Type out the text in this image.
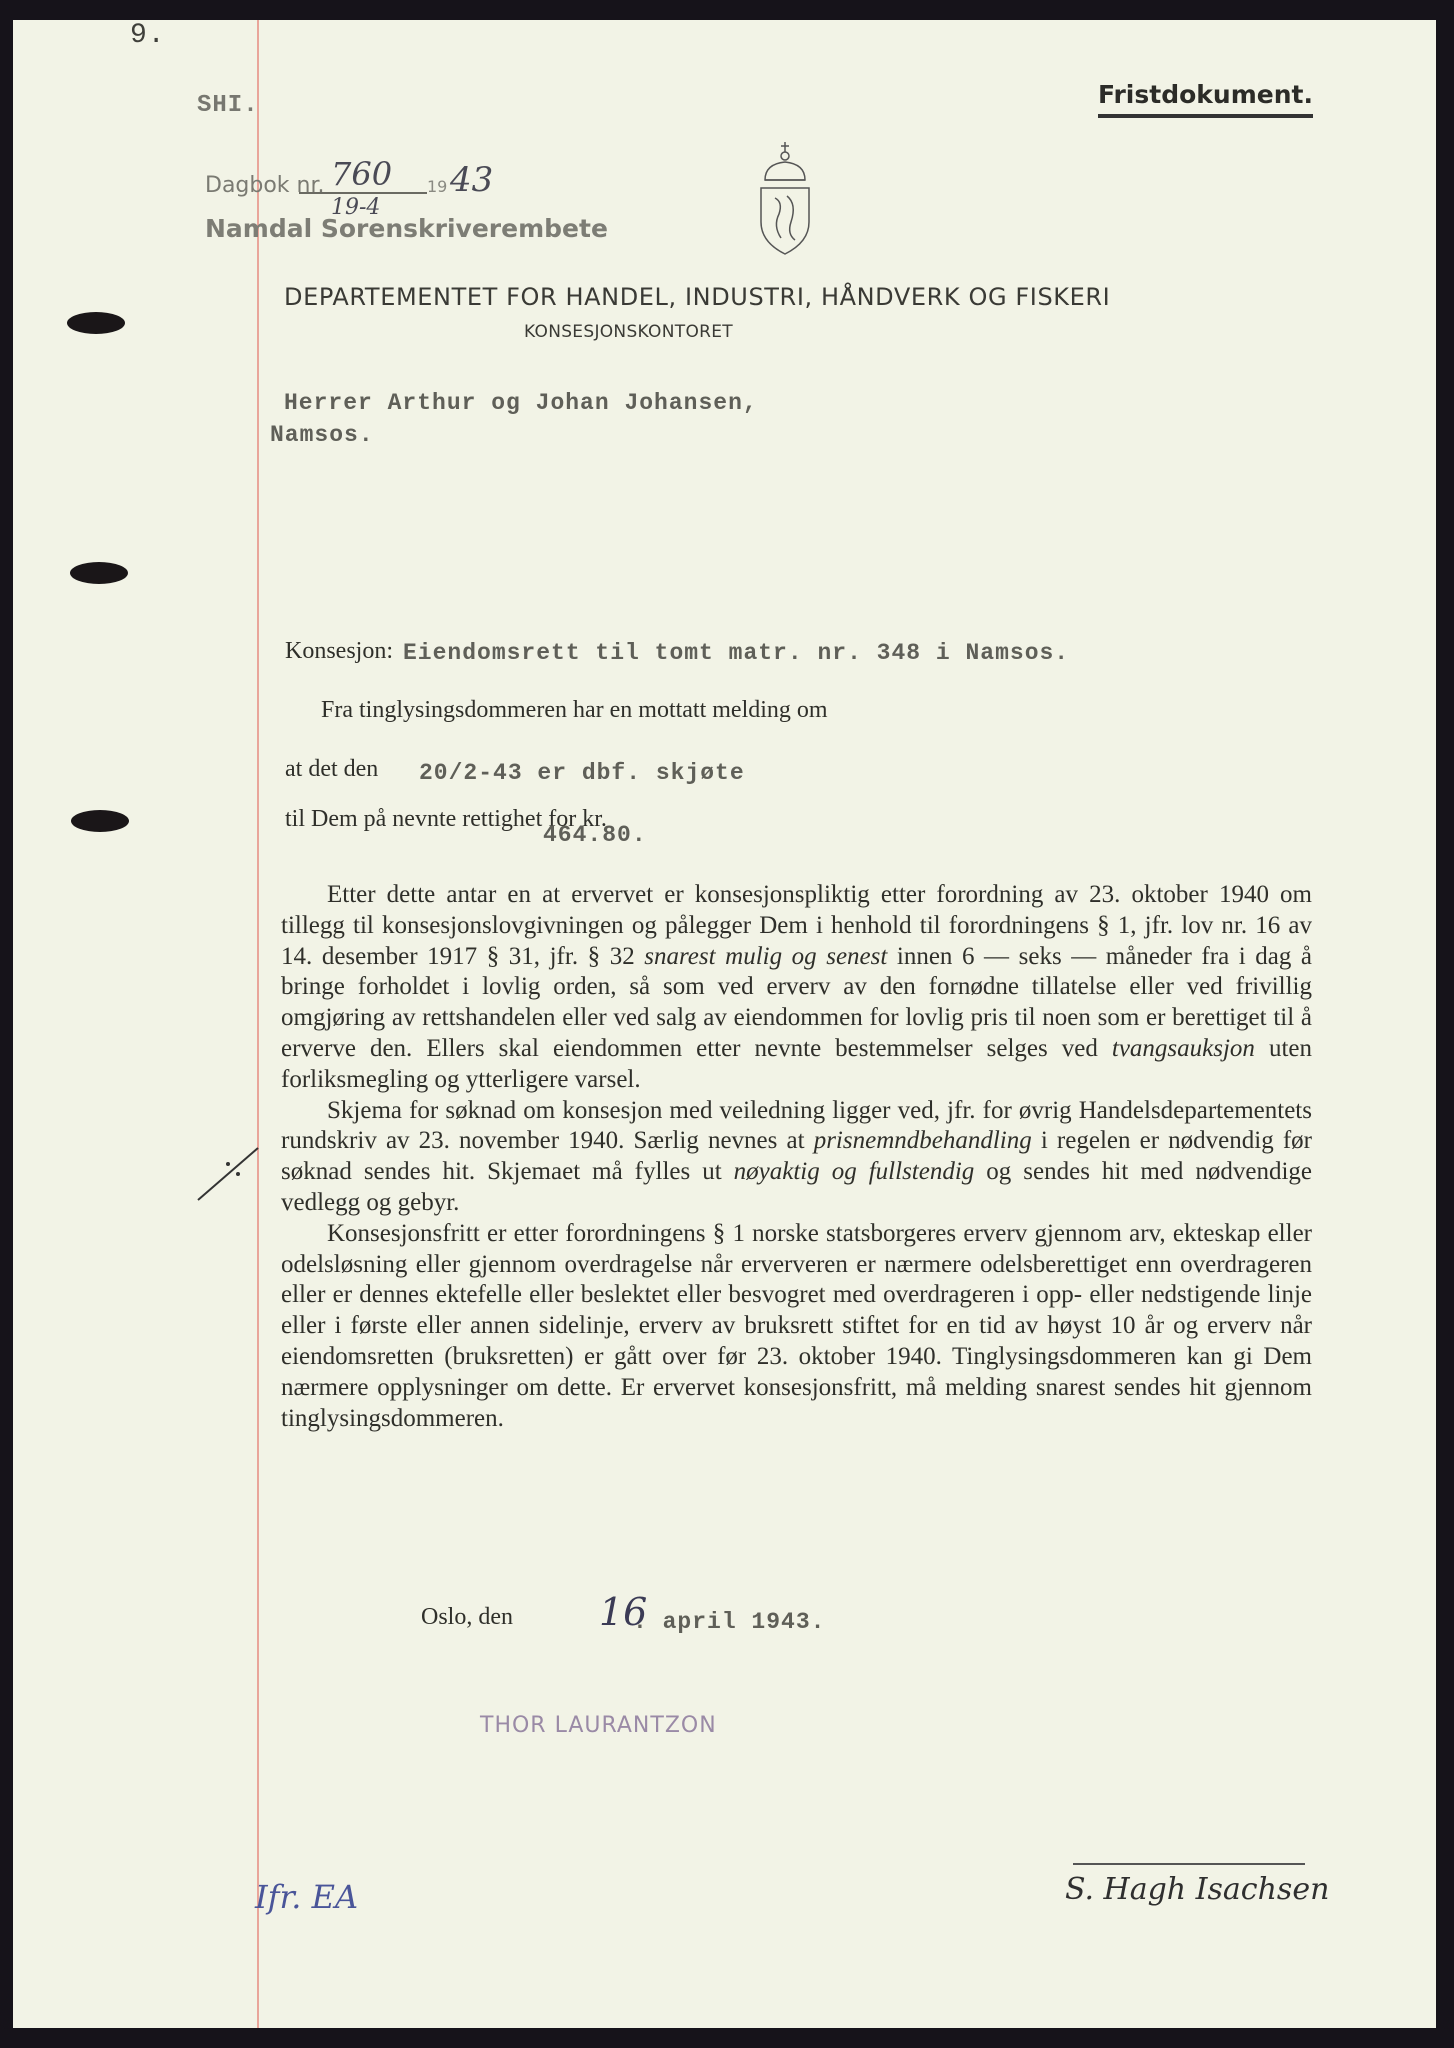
9.
SHI.	Fristdokument.
Dagbok nr. 760
19-4
19 43
Namdal Sorenskriverembete
DEPARTEMENTET FOR HANDEL, INDUSTRI, HÅNDVERK OG FISKERI
KONSESJONSKONTORET
Herrer Arthur og Johan Johansen,
Namsos.
Konsesjon: Eiendomsrett til tomt matr. nr. 348 i Namsos.
Fra tinglysingsdommeren har en mottatt melding om
at det den 20/2-43 er dbf. skjøte
til Dem på nevnte rettighet for kr.
464.80.

Etter dette antar en at ervervet er konsesjonspliktig etter forordning av 23. oktober 1940 om tillegg til konsesjonslovgivningen og pålegger Dem i henhold til forordningens § 1, jfr. lov nr. 16 av 14. desember 1917 § 31, jfr. § 32 snarest mulig og senest innen 6 — seks — måneder fra i dag å bringe forholdet i lovlig orden, så som ved erverv av den fornødne tillatelse eller ved frivillig omgjøring av rettshandelen eller ved salg av eiendommen for lovlig pris til noen som er berettiget til å erverve den. Ellers skal eiendommen etter nevnte bestemmelser selges ved tvangsauksjon uten forliksmegling og ytterligere varsel.

Skjema for søknad om konsesjon med veiledning ligger ved, jfr. for øvrig Handelsdepartementets rundskriv av 23. november 1940. Særlig nevnes at prisnemndbehandling i regelen er nødvendig før søknad sendes hit. Skjemaet må fylles ut nøyaktig og fullstendig og sendes hit med nødvendige vedlegg og gebyr.

Konsesjonsfritt er etter forordningens § 1 norske statsborgeres erverv gjennom arv, ekteskap eller odelsløsning eller gjennom overdragelse når erververen er nærmere odelsberettiget enn overdrageren eller er dennes ektefelle eller beslektet eller besvogret med overdrageren i opp- eller nedstigende linje eller i første eller annen sidelinje, erverv av bruksrett stiftet for en tid av høyst 10 år og erverv når eiendomsretten (bruksretten) er gått over før 23. oktober 1940. Tinglysingsdommeren kan gi Dem nærmere opplysninger om dette. Er ervervet konsesjonsfritt, må melding snarest sendes hit gjennom tinglysingsdommeren.

Oslo, den 16
. april 1943.
THOR LAURANTZON
S. Hagh Isachsen
Ifr. EA
